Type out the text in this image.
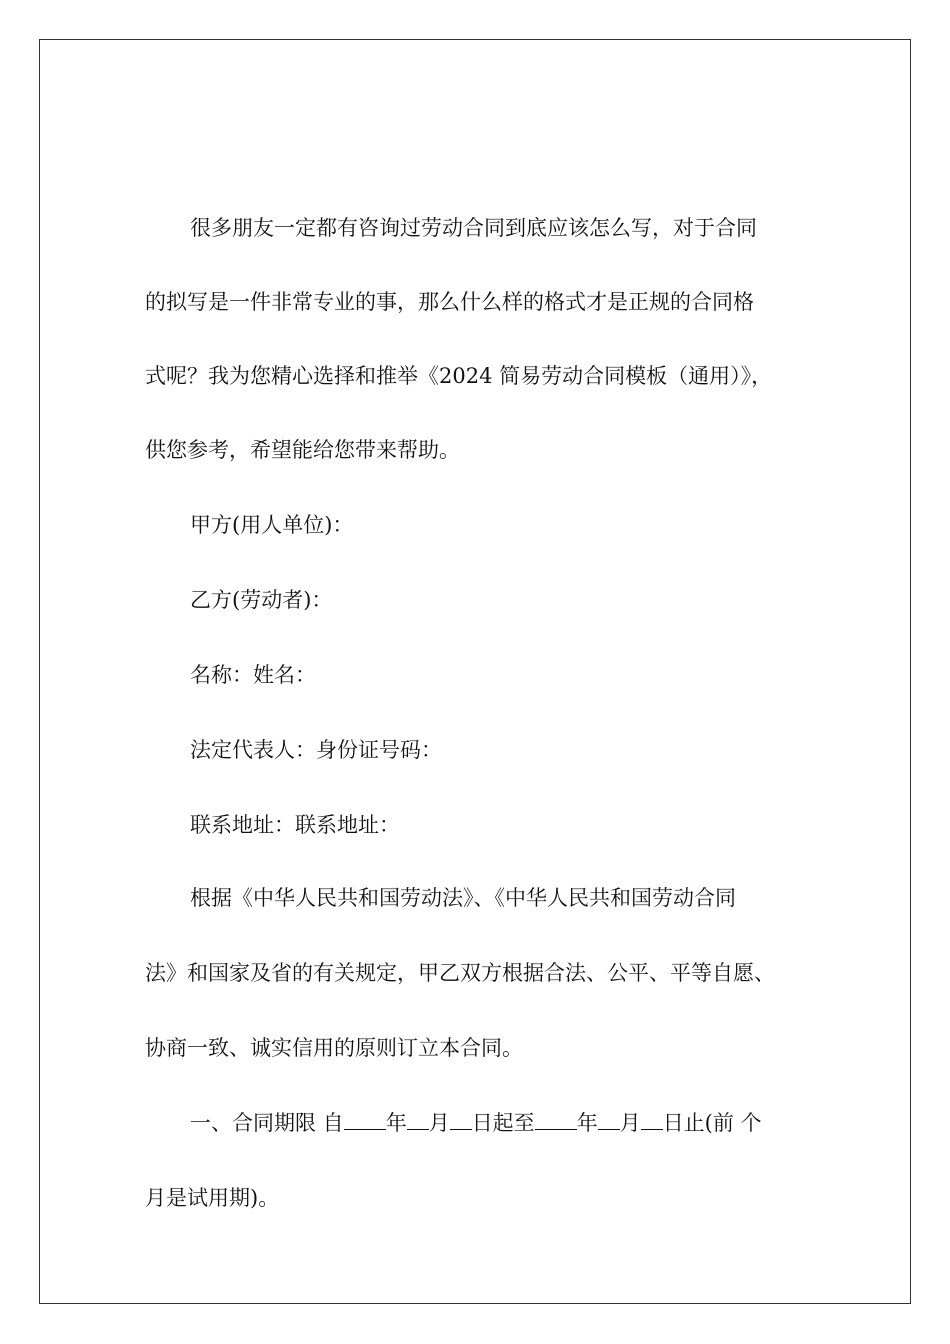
很多朋友一定都有咨询过劳动合同到底应该怎么写，对于合同
的拟写是一件非常专业的事，那么什么样的格式才是正规的合同格
式呢？我为您精心选择和推举《2024 简易劳动合同模板（通用）》，
供您参考，希望能给您带来帮助。
甲方(用人单位)：
乙方(劳动者)：
名称：姓名：
法定代表人：身份证号码：
联系地址：联系地址：
根据《中华人民共和国劳动法》、《中华人民共和国劳动合同
法》和国家及省的有关规定，甲乙双方根据合法、公平、平等自愿、
协商一致、诚实信用的原则订立本合同。
一、合同期限 自 年 月 日起至 年 月 日止(前 个
月是试用期)。
